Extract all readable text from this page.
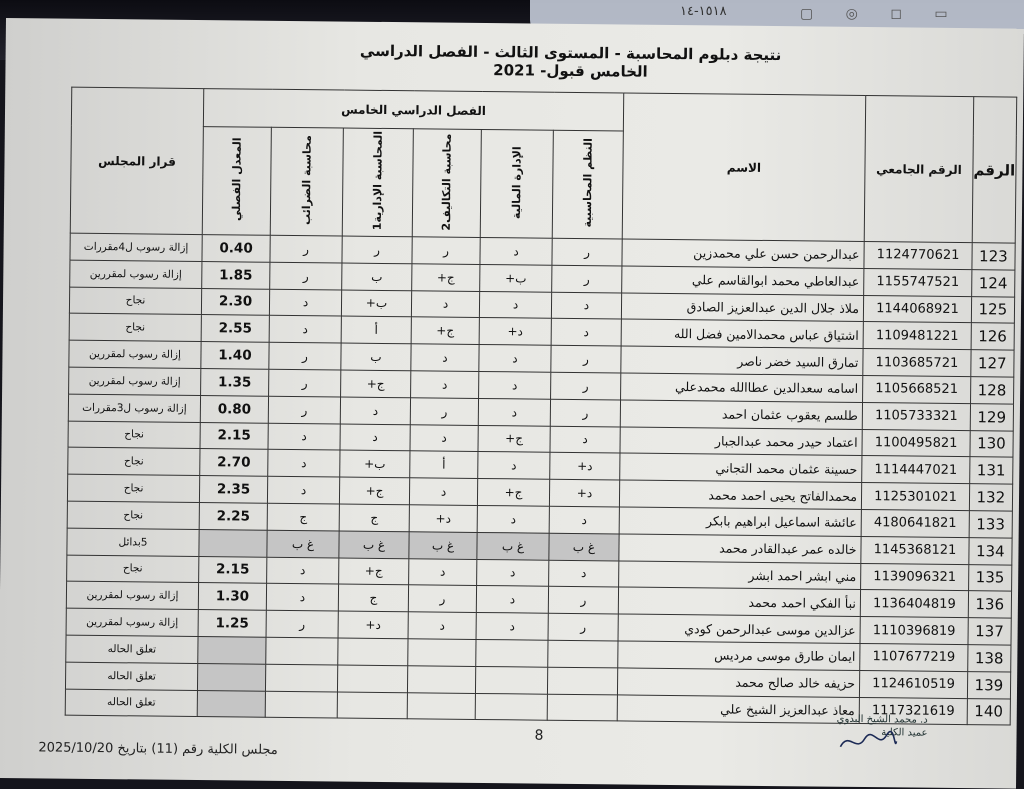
١٥١٨-١٤	▢ ◎ ◻ ▭
نتيجة دبلوم المحاسبة - المستوى الثالث - الفصل الدراسي الخامس قبول- 2021
الرقم	الرقم الجامعي	الاسم	الفصل الدراسي الخامس						قرار المجلس
			النظم المحاسبية	الإدارة المالية	محاسبة التكاليف2	المحاسبة الإدارية1	محاسبة الضرائب	المعدل الفصلي	
123	1124770621	عبدالرحمن حسن علي محمدزين	ر	د	ر	ر	ر	0.40	إزالة رسوب ل4مقررات
124	1155747521	عبدالعاطي محمد ابوالقاسم علي	ر	ب+	ج+	ب	ر	1.85	إزالة رسوب لمقررين
125	1144068921	ملاذ جلال الدين عبدالعزيز الصادق	د	د	د	ب+	د	2.30	نجاح
126	1109481221	اشتياق عباس محمدالامين فضل الله	د	د+	ج+	أ	د	2.55	نجاح
127	1103685721	تمارق السيد خضر ناصر	ر	د	د	ب	ر	1.40	إزالة رسوب لمقررين
128	1105668521	اسامه سعدالدين عطاالله محمدعلي	ر	د	د	ج+	ر	1.35	إزالة رسوب لمقررين
129	1105733321	طلسم يعقوب عثمان احمد	ر	د	ر	د	ر	0.80	إزالة رسوب ل3مقررات
130	1100495821	اعتماد حيدر محمد عبدالجبار	د	ج+	د	د	د	2.15	نجاح
131	1114447021	حسينة عثمان محمد التجاني	د+	د	أ	ب+	د	2.70	نجاح
132	1125301021	محمدالفاتح يحيى احمد محمد	د+	ج+	د	ج+	د	2.35	نجاح
133	4180641821	عائشة اسماعيل ابراهيم بابكر	د	د	د+	ج	ج	2.25	نجاح
134	1145368121	خالده عمر عبدالقادر محمد	غ ب	غ ب	غ ب	غ ب	غ ب		5بدائل
135	1139096321	مني ابشر احمد ابشر	د	د	د	ج+	د	2.15	نجاح
136	1136404819	نبأ الفكي احمد محمد	ر	د	ر	ج	د	1.30	إزالة رسوب لمقررين
137	1110396819	عزالدين موسى عبدالرحمن كودي	ر	د	د	د+	ر	1.25	إزالة رسوب لمقررين
138	1107677219	ايمان طارق موسى مرديس							تعلق الحاله
139	1124610519	حزيفه خالد صالح محمد							تعلق الحاله
140	1117321619	معاذ عبدالعزيز الشيخ علي							تعلق الحاله
8
مجلس الكلية رقم (11) بتاريخ 2025/10/20
د. محمد الشيخ البدوي
عميد الكلية
